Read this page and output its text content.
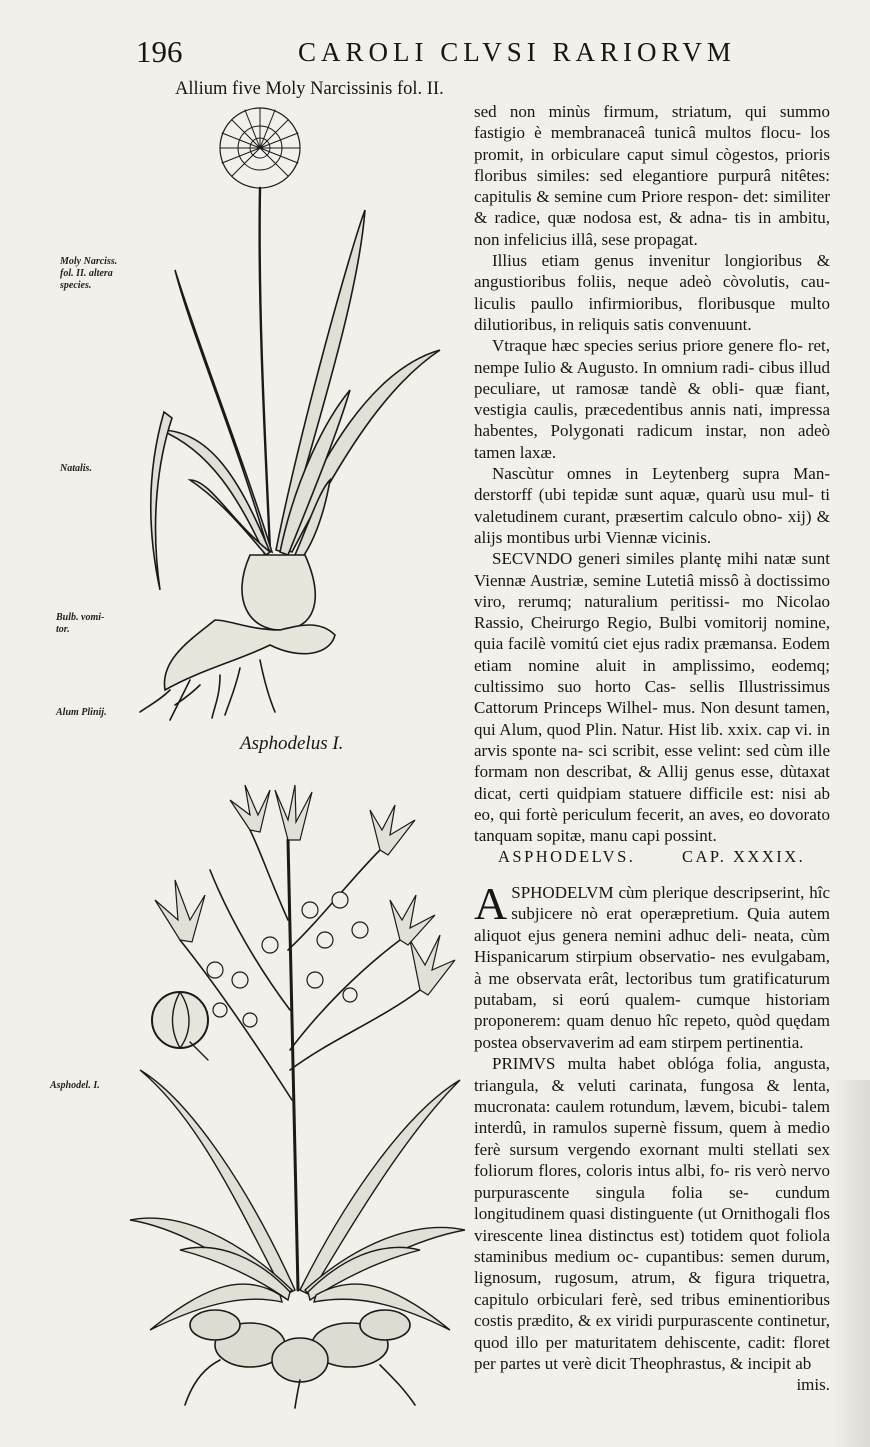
196	CAROLI CLVSI RARIORVM
Allium five Moly Narcissinis fol. II.
Moly Narciss.
fol. II. altera
species.
Natalis.
Bulb. vomi-
tor.
Alum Plinij.
Asphodelus I.
Asphodel. I.

sed non minùs firmum, striatum, qui summo fastigio è membranaceâ tunicâ multos flocu- los promit, in orbiculare caput simul cògestos, prioris floribus similes: sed elegantiore purpurâ nitêtes: capitulis & semine cum Priore respon- det: similiter & radice, quæ nodosa est, & adna- tis in ambitu, non infelicius illâ, sese propagat.

Illius etiam genus invenitur longioribus & angustioribus foliis, neque adeò còvolutis, cau- liculis paullo infirmioribus, floribusque multo dilutioribus, in reliquis satis convenuunt.

Vtraque hæc species serius priore genere flo- ret, nempe Iulio & Augusto. In omnium radi- cibus illud peculiare, ut ramosæ tandè & obli- quæ fiant, vestigia caulis, præcedentibus annis nati, impressa habentes, Polygonati radicum instar, non adeò tamen laxæ.

Nascùtur omnes in Leytenberg supra Man- derstorff (ubi tepidæ sunt aquæ, quarù usu mul- ti valetudinem curant, præsertim calculo obno- xij) & alijs montibus urbi Viennæ vicinis.

SECVNDO generi similes plantę mihi natæ sunt Viennæ Austriæ, semine Lutetiâ missô à doctissimo viro, rerumq; naturalium peritissi- mo Nicolao Rassio, Cheirurgo Regio, Bulbi vomitorij nomine, quia facilè vomitú ciet ejus radix præmansa. Eodem etiam nomine aluit in amplissimo, eodemq; cultissimo suo horto Cas- sellis Illustrissimus Cattorum Princeps Wilhel- mus. Non desunt tamen, qui Alum, quod Plin. Natur. Hist lib. xxix. cap vi. in arvis sponte na- sci scribit, esse velint: sed cùm ille formam non describat, & Allij genus esse, dùtaxat dicat, certi quidpiam statuere difficile est: nisi ab eo, qui fortè periculum fecerit, an aves, eo dovorato tanquam sopitæ, manu capi possint.

ASPHODELVS.	CAP. XXXIX.

ASPHODELVM cùm plerique descripserint, hîc subjicere nò erat operæpretium. Quia autem aliquot ejus genera nemini adhuc deli- neata, cùm Hispanicarum stirpium observatio- nes evulgabam, à me observata erât, lectoribus tum gratificaturum putabam, si eorú qualem- cumque historiam proponerem: quam denuo hîc repeto, quòd quędam postea observaverim ad eam stirpem pertinentia.

PRIMVS multa habet oblóga folia, angusta, triangula, & veluti carinata, fungosa & lenta, mucronata: caulem rotundum, lævem, bicubi- talem interdû, in ramulos supernè fissum, quem à medio ferè sursum vergendo exornant multi stellati sex foliorum flores, coloris intus albi, fo- ris verò nervo purpurascente singula folia se- cundum longitudinem quasi distinguente (ut Ornithogali flos virescente linea distinctus est) totidem quot foliola staminibus medium oc- cupantibus: semen durum, lignosum, rugosum, atrum, & figura triquetra, capitulo orbiculari ferè, sed tribus eminentioribus costis prædito, & ex viridi purpurascente continetur, quod illo per maturitatem dehiscente, cadit: floret per partes ut verè dicit Theophrastus, & incipit ab

imis.
